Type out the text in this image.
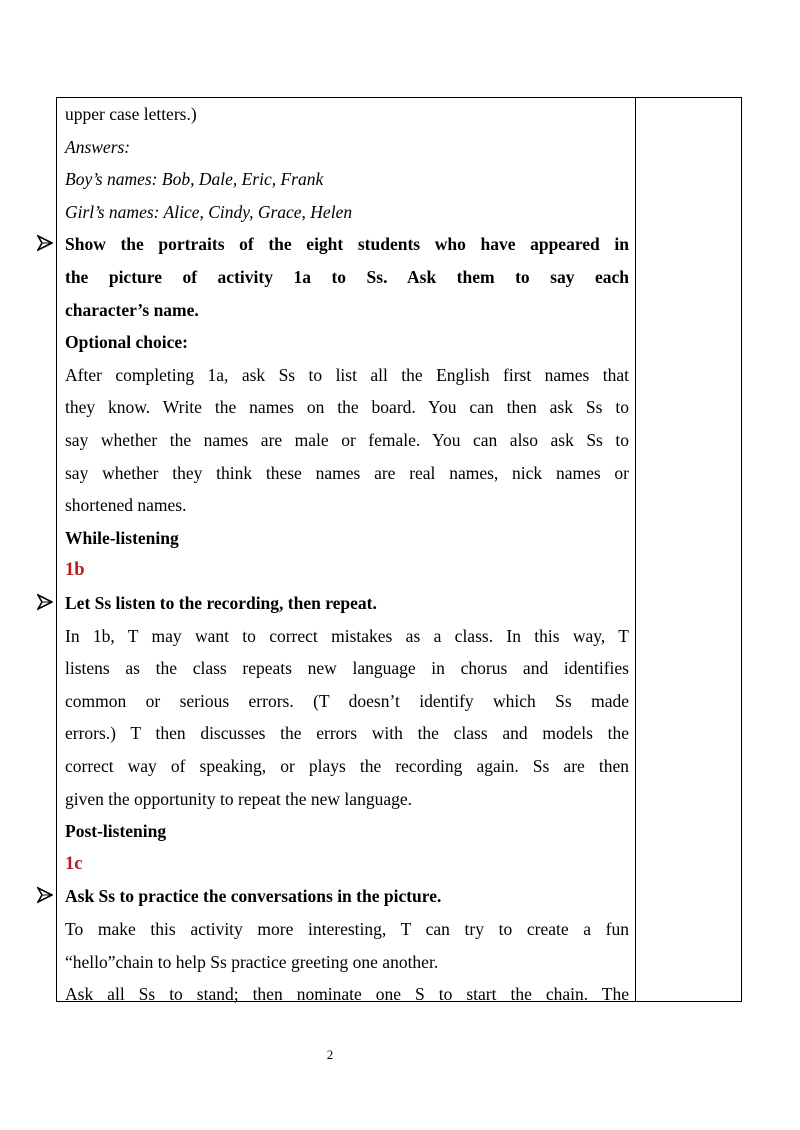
upper case letters.)
Answers:
Boy’s names: Bob, Dale, Eric, Frank
Girl’s names: Alice, Cindy, Grace, Helen
Show the portraits of the eight students who have appeared in
the picture of activity 1a to Ss. Ask them to say each
character’s name.
Optional choice:
After completing 1a, ask Ss to list all the English first names that
they know. Write the names on the board. You can then ask Ss to
say whether the names are male or female. You can also ask Ss to
say whether they think these names are real names, nick names or
shortened names.
While-listening
1b
Let Ss listen to the recording, then repeat.
In 1b, T may want to correct mistakes as a class. In this way, T
listens as the class repeats new language in chorus and identifies
common or serious errors. (T doesn’t identify which Ss made
errors.) T then discusses the errors with the class and models the
correct way of speaking, or plays the recording again. Ss are then
given the opportunity to repeat the new language.
Post-listening
1c
Ask Ss to practice the conversations in the picture.
To make this activity more interesting, T can try to create a fun
“hello”chain to help Ss practice greeting one another.
Ask all Ss to stand; then nominate one S to start the chain. The
2
